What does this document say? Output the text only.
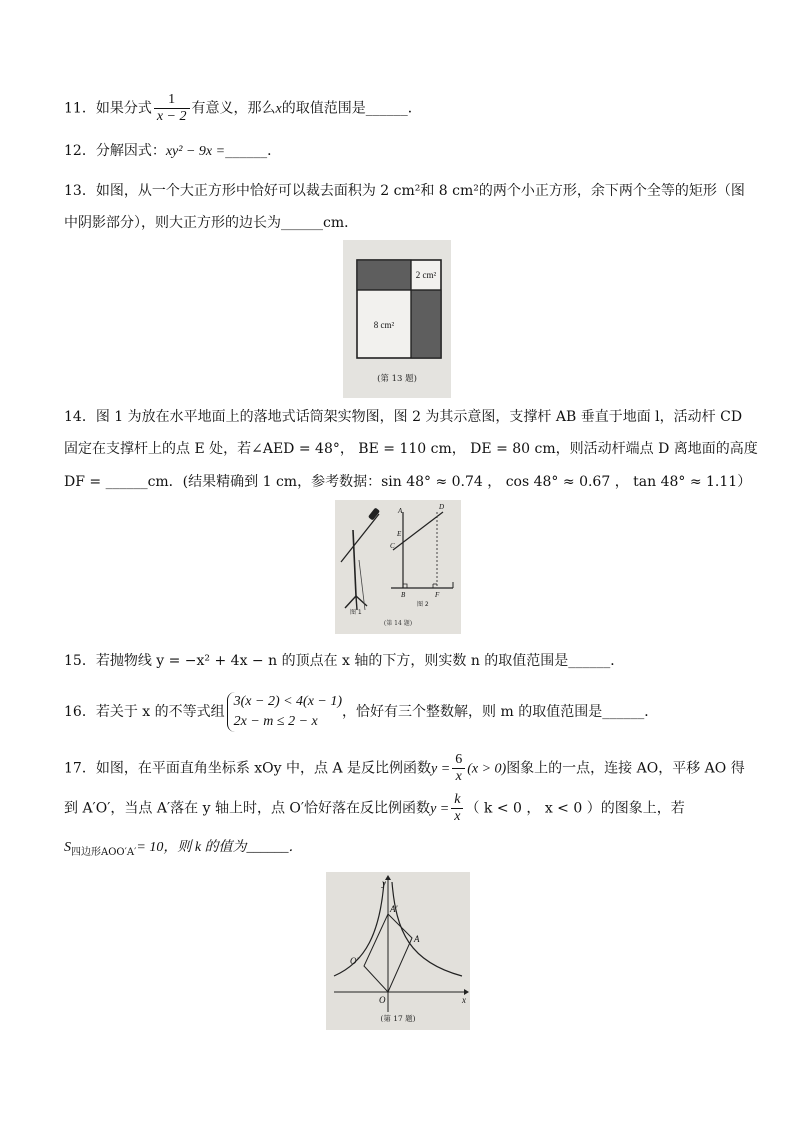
11．如果分式 $\frac{1}{x - 2}$ 有意义，那么x的取值范围是______．
12．分解因式：xy² − 9x =______．
13．如图，从一个大正方形中恰好可以裁去面积为 2 cm²和 8 cm²的两个小正方形，余下两个全等的矩形（图
中阴影部分），则大正方形的边长为______cm．
2 cm²
8 cm²
(第 13 题)
14．图 1 为放在水平地面上的落地式话筒架实物图，图 2 为其示意图，支撑杆 AB 垂直于地面 l，活动杆 CD
固定在支撑杆上的点 E 处，若∠AED = 48°， BE = 110 cm， DE = 80 cm，则活动杆端点 D 离地面的高度
DF = ______cm．(结果精确到 1 cm，参考数据：sin 48° ≈ 0.74 ， cos 48° ≈ 0.67 ， tan 48° ≈ 1.11）
图 1
A	D
E
C
B	F
图 2
(第 14 题)
15．若抛物线 y = −x² + 4x − n 的顶点在 x 轴的下方，则实数 n 的取值范围是______．
16．若关于 x 的不等式组
3(x − 2) < 4(x − 1)
2x − m ≤ 2 − x
，恰好有三个整数解，则 m 的取值范围是______．
17．如图，在平面直角坐标系 xOy 中，点 A 是反比例函数$y = \frac{6}{x} (x > 0)$图象上的一点，连接 AO，平移 AO 得
到 A′O′，当点 A′落在 y 轴上时，点 O′恰好落在反比例函数$y = \frac{k}{x}$ （ k < 0 ， x < 0 ）的图象上，若
$S_{四边形AOO'A'}= 10$，则 k 的值为______．
y
x
O
A
A′
O′
(第 17 题)
